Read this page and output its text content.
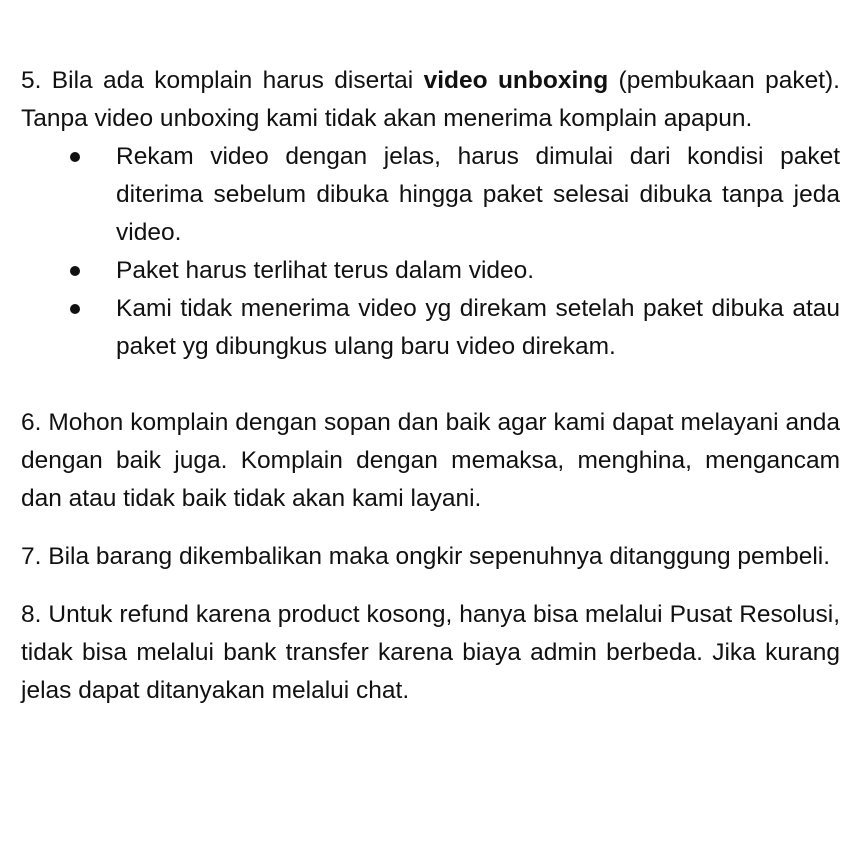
5. Bila ada komplain harus disertai video unboxing (pembukaan paket). Tanpa video unboxing kami tidak akan menerima komplain apapun.

Rekam video dengan jelas, harus dimulai dari kondisi paket diterima sebelum dibuka hingga paket selesai dibuka tanpa jeda video.
Paket harus terlihat terus dalam video.
Kami tidak menerima video yg direkam setelah paket dibuka atau paket yg dibungkus ulang baru video direkam.

6. Mohon komplain dengan sopan dan baik agar kami dapat melayani anda dengan baik juga. Komplain dengan memaksa, menghina, mengancam dan atau tidak baik tidak akan kami layani.

7. Bila barang dikembalikan maka ongkir sepenuhnya ditanggung pembeli.

8. Untuk refund karena product kosong, hanya bisa melalui Pusat Resolusi, tidak bisa melalui bank transfer karena biaya admin berbeda. Jika kurang jelas dapat ditanyakan melalui chat.
